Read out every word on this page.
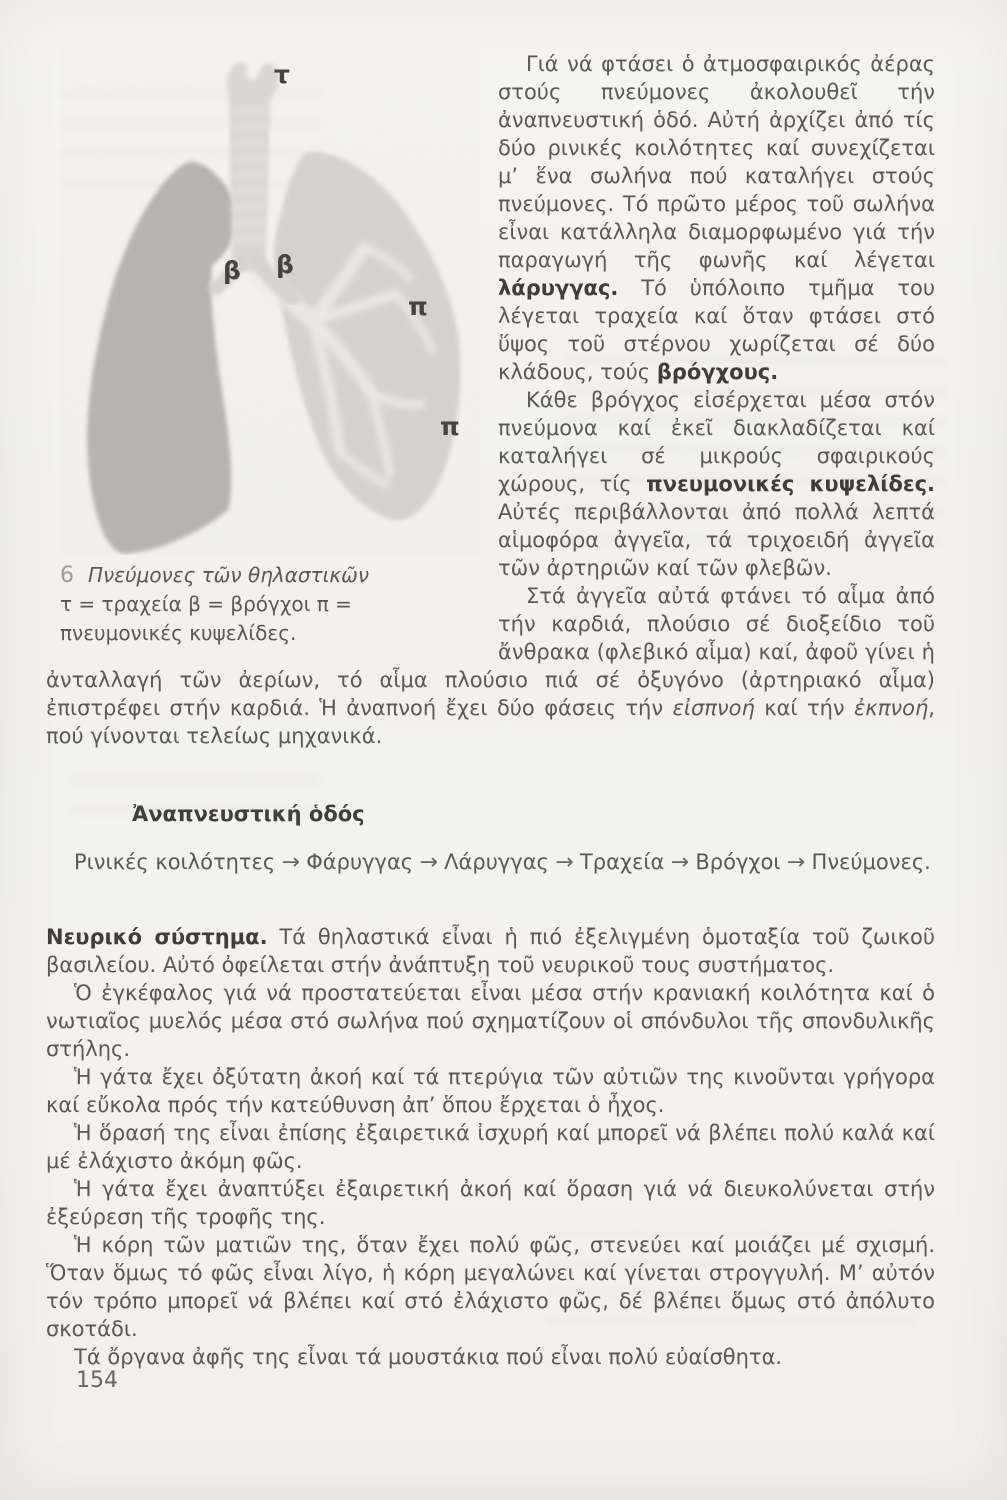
τ
β β
π
π
6 Πνεύμονες τῶν θηλαστικῶν
τ = τραχεία β = βρόγχοι π = πνευμονικές κυψελίδες.

Γιά νά φτάσει ὁ ἀτμοσφαιρικός ἀέρας στούς πνεύμονες ἀκολουθεῖ τήν ἀναπνευστική ὁδό. Αὐτή ἀρχίζει ἀπό τίς δύο ρινικές κοιλότητες καί συνεχίζεται μ’ ἕνα σωλήνα πού καταλήγει στούς πνεύμονες. Τό πρῶτο μέρος τοῦ σωλήνα εἶναι κατάλληλα διαμορφωμένο γιά τήν παραγωγή τῆς φωνῆς καί λέγεται λάρυγγας. Τό ὑπόλοιπο τμῆμα του λέγεται τραχεία καί ὅταν φτάσει στό ὕψος τοῦ στέρνου χωρίζεται σέ δύο κλάδους, τούς βρόγχους.

Κάθε βρόγχος εἰσέρχεται μέσα στόν πνεύμονα καί ἐκεῖ διακλαδίζεται καί καταλήγει σέ μικρούς σφαιρικούς χώρους, τίς πνευμονικές κυψελίδες. Αὐτές περιβάλλονται ἀπό πολλά λεπτά αἱμοφόρα ἀγγεῖα, τά τριχοειδή ἀγγεῖα τῶν ἀρτηριῶν καί τῶν φλεβῶν.

Στά ἀγγεῖα αὐτά φτάνει τό αἷμα ἀπό τήν καρδιά, πλούσιο σέ διοξείδιο τοῦ ἄνθρακα (φλεβικό αἷμα) καί, ἀφοῦ γίνει ἡ ἀνταλλαγή τῶν ἀερίων, τό αἷμα πλούσιο πιά σέ ὀξυγόνο (ἀρτηριακό αἷμα) ἐπιστρέφει στήν καρδιά. Ἡ ἀναπνοή ἔχει δύο φάσεις τήν εἰσπνοή καί τήν ἐκπνοή, πού γίνονται τελείως μηχανικά.

Ἀναπνευστική ὁδός
Ρινικές κοιλότητες → Φάρυγγας → Λάρυγγας → Τραχεία → Βρόγχοι → Πνεύμονες.

Νευρικό σύστημα. Τά θηλαστικά εἶναι ἡ πιό ἐξελιγμένη ὁμοταξία τοῦ ζωικοῦ βασιλείου. Αὐτό ὀφείλεται στήν ἀνάπτυξη τοῦ νευρικοῦ τους συστήματος.

Ὁ ἐγκέφαλος γιά νά προστατεύεται εἶναι μέσα στήν κρανιακή κοιλότητα καί ὁ νωτιαῖος μυελός μέσα στό σωλήνα πού σχηματίζουν οἱ σπόνδυλοι τῆς σπονδυλικῆς στήλης.

Ἡ γάτα ἔχει ὀξύτατη ἀκοή καί τά πτερύγια τῶν αὐτιῶν της κινοῦνται γρήγορα καί εὔκολα πρός τήν κατεύθυνση ἀπ’ ὅπου ἔρχεται ὁ ἦχος.

Ἡ ὅρασή της εἶναι ἐπίσης ἐξαιρετικά ἰσχυρή καί μπορεῖ νά βλέπει πολύ καλά καί μέ ἐλάχιστο ἀκόμη φῶς.

Ἡ γάτα ἔχει ἀναπτύξει ἐξαιρετική ἀκοή καί ὅραση γιά νά διευκολύνεται στήν ἐξεύρεση τῆς τροφῆς της.

Ἡ κόρη τῶν ματιῶν της, ὅταν ἔχει πολύ φῶς, στενεύει καί μοιάζει μέ σχισμή. Ὅταν ὅμως τό φῶς εἶναι λίγο, ἡ κόρη μεγαλώνει καί γίνεται στρογγυλή. Μ’ αὐτόν τόν τρόπο μπορεῖ νά βλέπει καί στό ἐλάχιστο φῶς, δέ βλέπει ὅμως στό ἀπόλυτο σκοτάδι.

Τά ὄργανα ἀφῆς της εἶναι τά μουστάκια πού εἶναι πολύ εὐαίσθητα.

154
